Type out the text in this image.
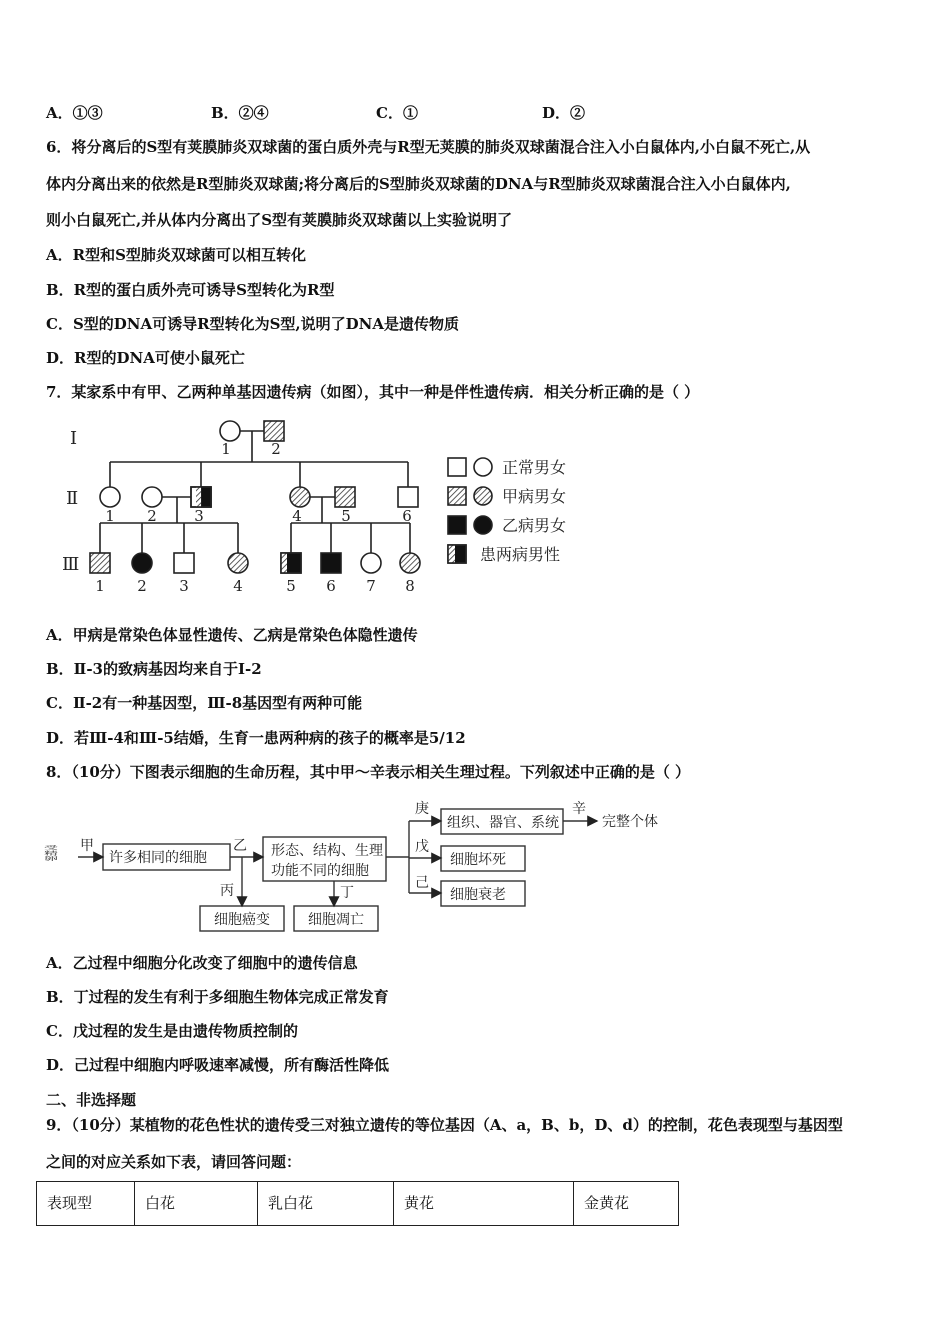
A．①③	B．②④	C．①	D．②
6．将分离后的S型有荚膜肺炎双球菌的蛋白质外壳与R型无荚膜的肺炎双球菌混合注入小白鼠体内,小白鼠不死亡,从
体内分离出来的依然是R型肺炎双球菌;将分离后的S型肺炎双球菌的DNA与R型肺炎双球菌混合注入小白鼠体内,
则小白鼠死亡,并从体内分离出了S型有荚膜肺炎双球菌以上实验说明了
A．R型和S型肺炎双球菌可以相互转化
B．R型的蛋白质外壳可诱导S型转化为R型
C．S型的DNA可诱导R型转化为S型,说明了DNA是遗传物质
D．R型的DNA可使小鼠死亡
7．某家系中有甲、乙两种单基因遗传病（如图），其中一种是伴性遗传病．相关分析正确的是（ ）
Ⅰ
Ⅱ
Ⅲ
1	2
1 2 3	4	5	6
1 2 3	4	5 6 7 8
正常男女
甲病男女
乙病男女
患两病男性
A．甲病是常染色体显性遗传、乙病是常染色体隐性遗传
B．Ⅱ-3的致病基因均来自于Ⅰ-2
C．Ⅱ-2有一种基因型，Ⅲ-8基因型有两种可能
D．若Ⅲ-4和Ⅲ-5结婚，生育一患两种病的孩子的概率是5/12
8．（10分）下图表示细胞的生命历程，其中甲～辛表示相关生理过程。下列叙述中正确的是（ ）
受精卵 甲
许多相同的细胞
乙 形态、结构、生理
功能不同的细胞
丙
细胞癌变
丁
细胞凋亡
庚
组织、器官、系统
辛
完整个体
戊
细胞坏死
己
细胞衰老
A．乙过程中细胞分化改变了细胞中的遗传信息
B．丁过程的发生有利于多细胞生物体完成正常发育
C．戊过程的发生是由遗传物质控制的
D．己过程中细胞内呼吸速率减慢，所有酶活性降低
二、非选择题
9．（10分）某植物的花色性状的遗传受三对独立遗传的等位基因（A、a，B、b，D、d）的控制，花色表现型与基因型
之间的对应关系如下表，请回答问题：
表现型	白花	乳白花	黄花	金黄花
